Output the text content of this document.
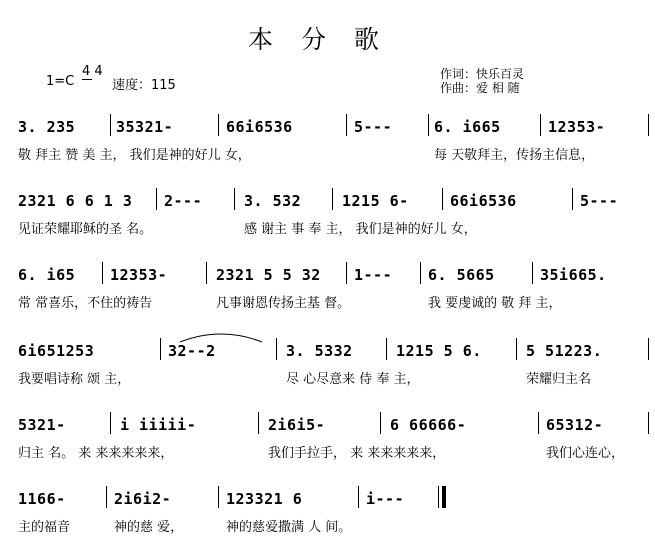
本 分 歌
1=C
4 4
速度：115
作词：快乐百灵
作曲：爱 相 随
3. 235	35321-	66i6536	5---	6. i665	12353-
敬 拜主 赞 美 主， 我们是神的好儿 女，	每 天敬拜主，传扬主信息，
2321 6 6 1 3 2---	3. 532	1215 6-	66i6536	5---
见证荣耀耶稣的圣 名。	感 谢主 事 奉 主， 我们是神的好儿 女，
6. i65 12353-	2321 5 5 32 1--- 6. 5665	35i665.
常 常喜乐，不住的祷告	凡事谢恩传扬主基 督。	我 要虔诚的 敬 拜 主，
6i651253	32--2	3. 5332	1215 5 6.	5 51223.
我要唱诗称 颂 主，	尽 心尽意来 侍 奉 主，	荣耀归主名
5321-	i iiiii-	2i6i5-	6 66666-	65312-
归主 名。 来 来来来来来，	我们手拉手， 来 来来来来来，	我们心连心，
1166-	2i6i2-	123321 6	i---
主的福音	神的慈 爱，	神的慈爱撒满 人 间。
